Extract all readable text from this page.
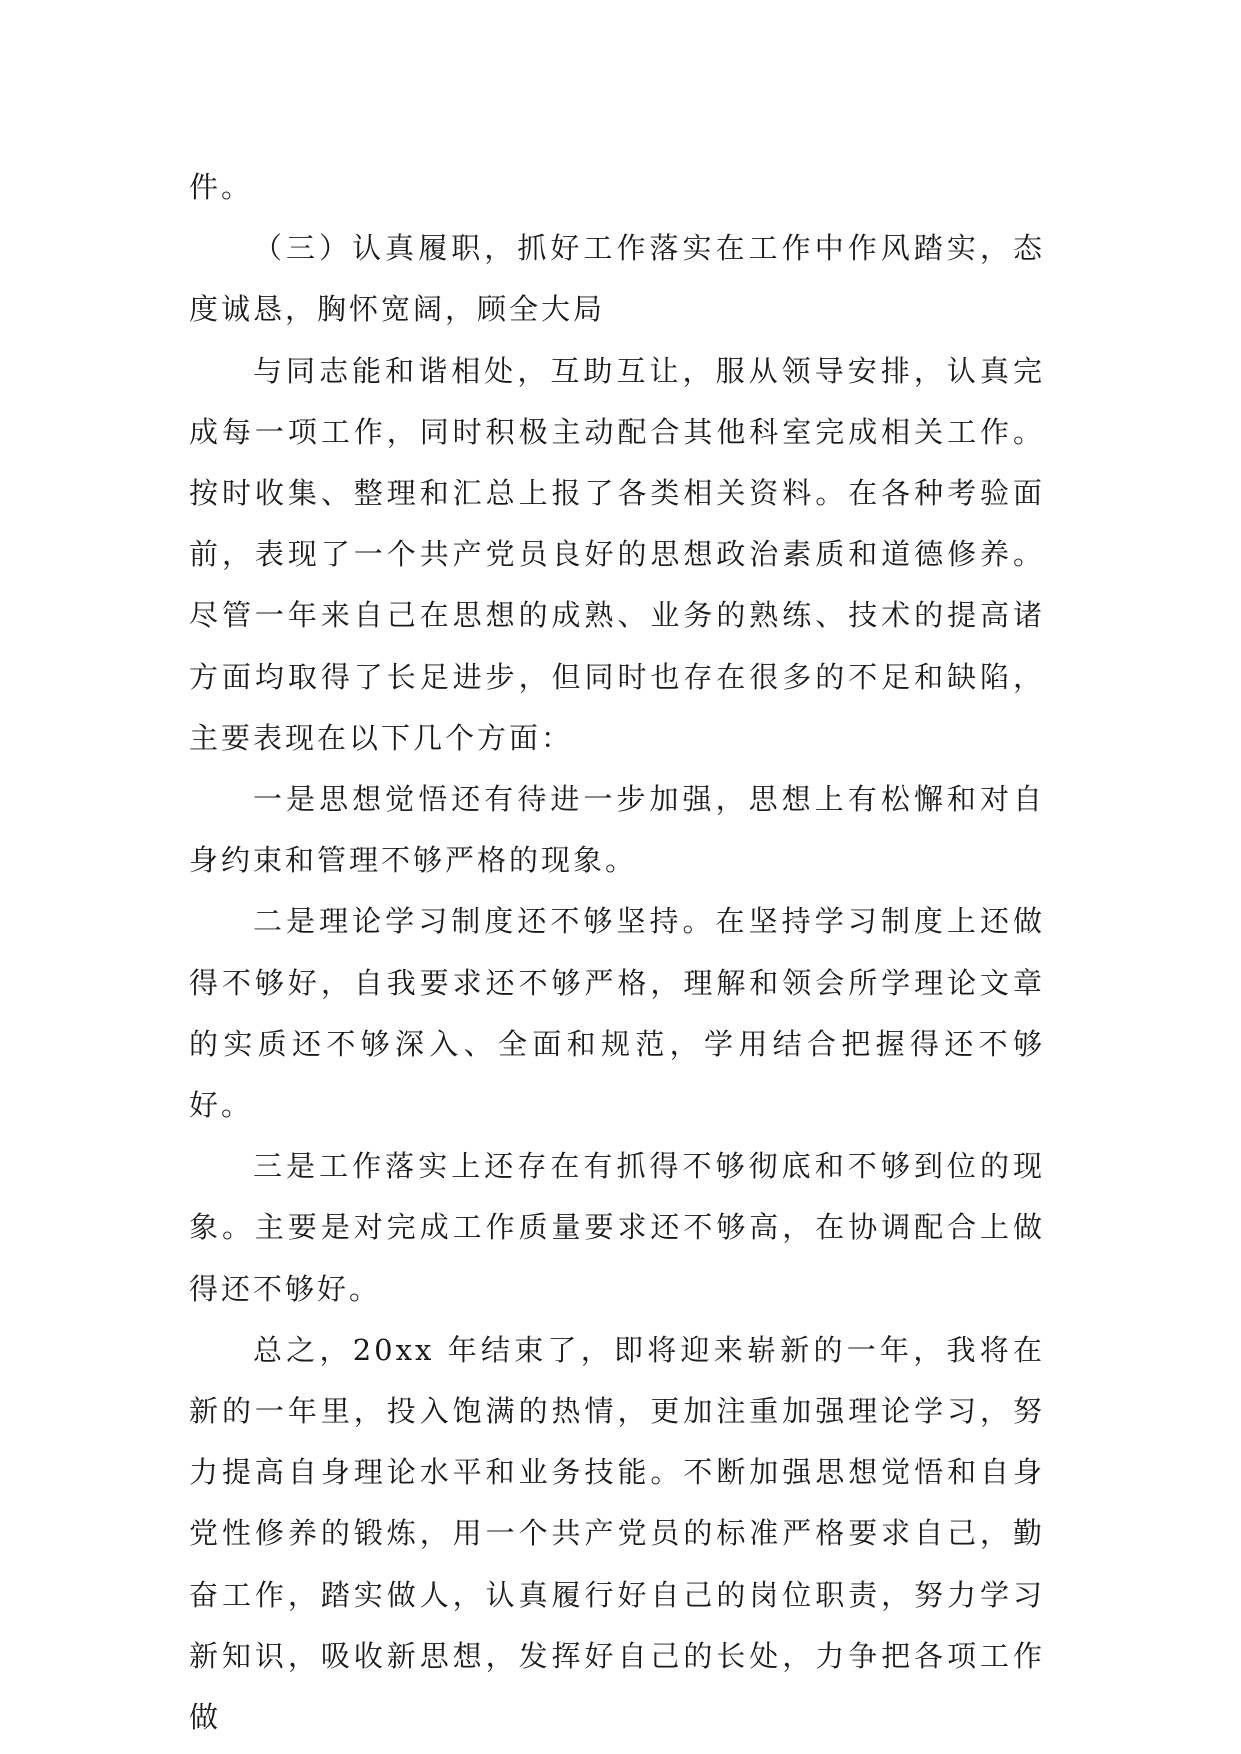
件。

（三）认真履职，抓好工作落实在工作中作风踏实，态度诚恳，胸怀宽阔，顾全大局

与同志能和谐相处，互助互让，服从领导安排，认真完成每一项工作，同时积极主动配合其他科室完成相关工作。按时收集、整理和汇总上报了各类相关资料。在各种考验面前，表现了一个共产党员良好的思想政治素质和道德修养。尽管一年来自己在思想的成熟、业务的熟练、技术的提高诸方面均取得了长足进步，但同时也存在很多的不足和缺陷，主要表现在以下几个方面：

一是思想觉悟还有待进一步加强，思想上有松懈和对自身约束和管理不够严格的现象。

二是理论学习制度还不够坚持。在坚持学习制度上还做得不够好，自我要求还不够严格，理解和领会所学理论文章的实质还不够深入、全面和规范，学用结合把握得还不够好。

三是工作落实上还存在有抓得不够彻底和不够到位的现象。主要是对完成工作质量要求还不够高，在协调配合上做得还不够好。

总之，20xx 年结束了，即将迎来崭新的一年，我将在新的一年里，投入饱满的热情，更加注重加强理论学习，努力提高自身理论水平和业务技能。不断加强思想觉悟和自身党性修养的锻炼，用一个共产党员的标准严格要求自己，勤奋工作，踏实做人，认真履行好自己的岗位职责，努力学习新知识，吸收新思想，发挥好自己的长处，力争把各项工作做
